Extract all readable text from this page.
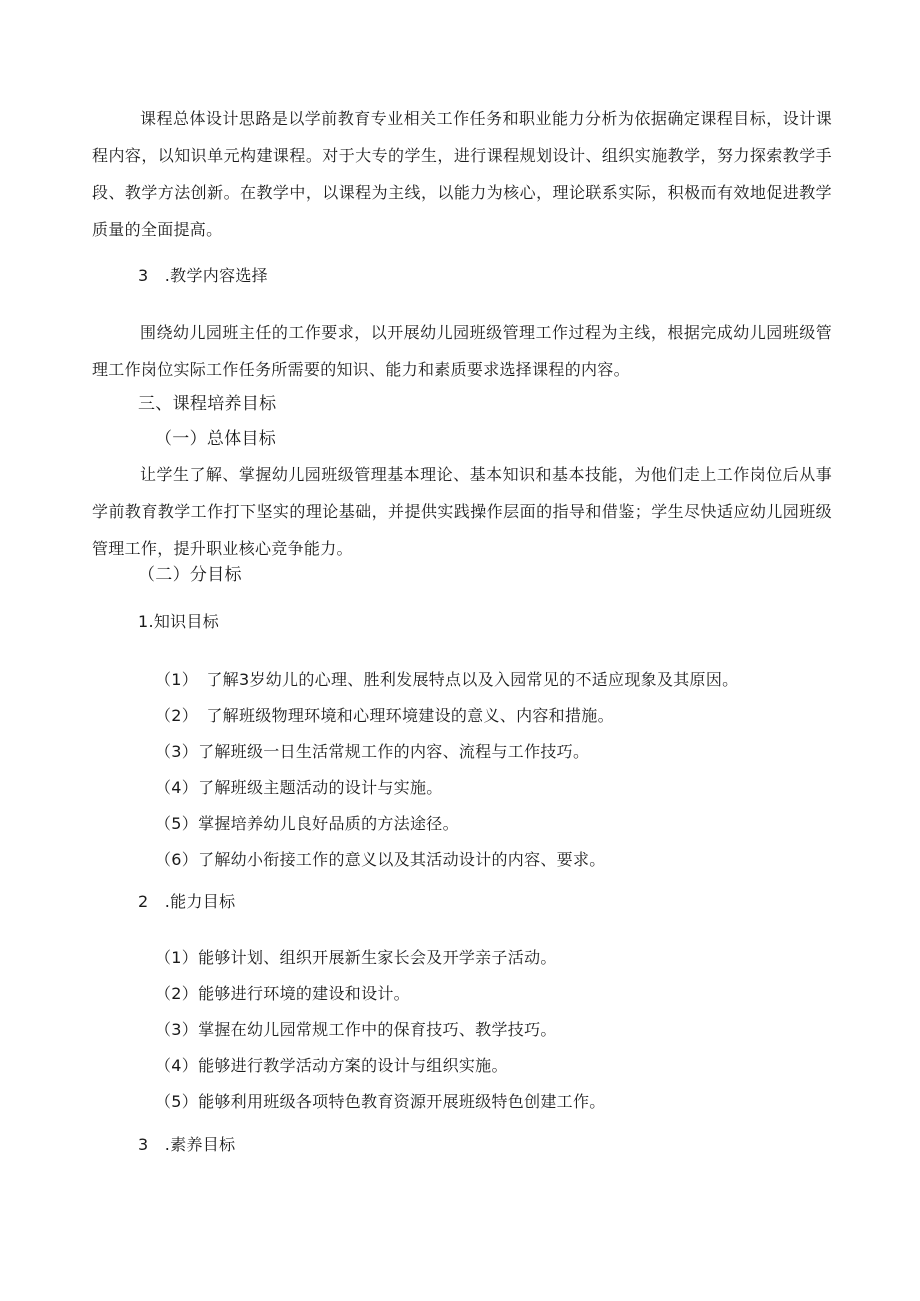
课程总体设计思路是以学前教育专业相关工作任务和职业能力分析为依据确定课程目标，设计课程内容，以知识单元构建课程。对于大专的学生，进行课程规划设计、组织实施教学，努力探索教学手段、教学方法创新。在教学中，以课程为主线，以能力为核心，理论联系实际，积极而有效地促进教学质量的全面提高。

3　.教学内容选择

围绕幼儿园班主任的工作要求，以开展幼儿园班级管理工作过程为主线，根据完成幼儿园班级管理工作岗位实际工作任务所需要的知识、能力和素质要求选择课程的内容。

三、课程培养目标

（一）总体目标

让学生了解、掌握幼儿园班级管理基本理论、基本知识和基本技能，为他们走上工作岗位后从事学前教育教学工作打下坚实的理论基础，并提供实践操作层面的指导和借鉴；学生尽快适应幼儿园班级管理工作，提升职业核心竞争能力。

（二）分目标

1.知识目标

（1）　了解3岁幼儿的心理、胜利发展特点以及入园常见的不适应现象及其原因。

（2）　了解班级物理环境和心理环境建设的意义、内容和措施。

（3）了解班级一日生活常规工作的内容、流程与工作技巧。

（4）了解班级主题活动的设计与实施。

（5）掌握培养幼儿良好品质的方法途径。

（6）了解幼小衔接工作的意义以及其活动设计的内容、要求。

2　.能力目标

（1）能够计划、组织开展新生家长会及开学亲子活动。

（2）能够进行环境的建设和设计。

（3）掌握在幼儿园常规工作中的保育技巧、教学技巧。

（4）能够进行教学活动方案的设计与组织实施。

（5）能够利用班级各项特色教育资源开展班级特色创建工作。

3　.素养目标
